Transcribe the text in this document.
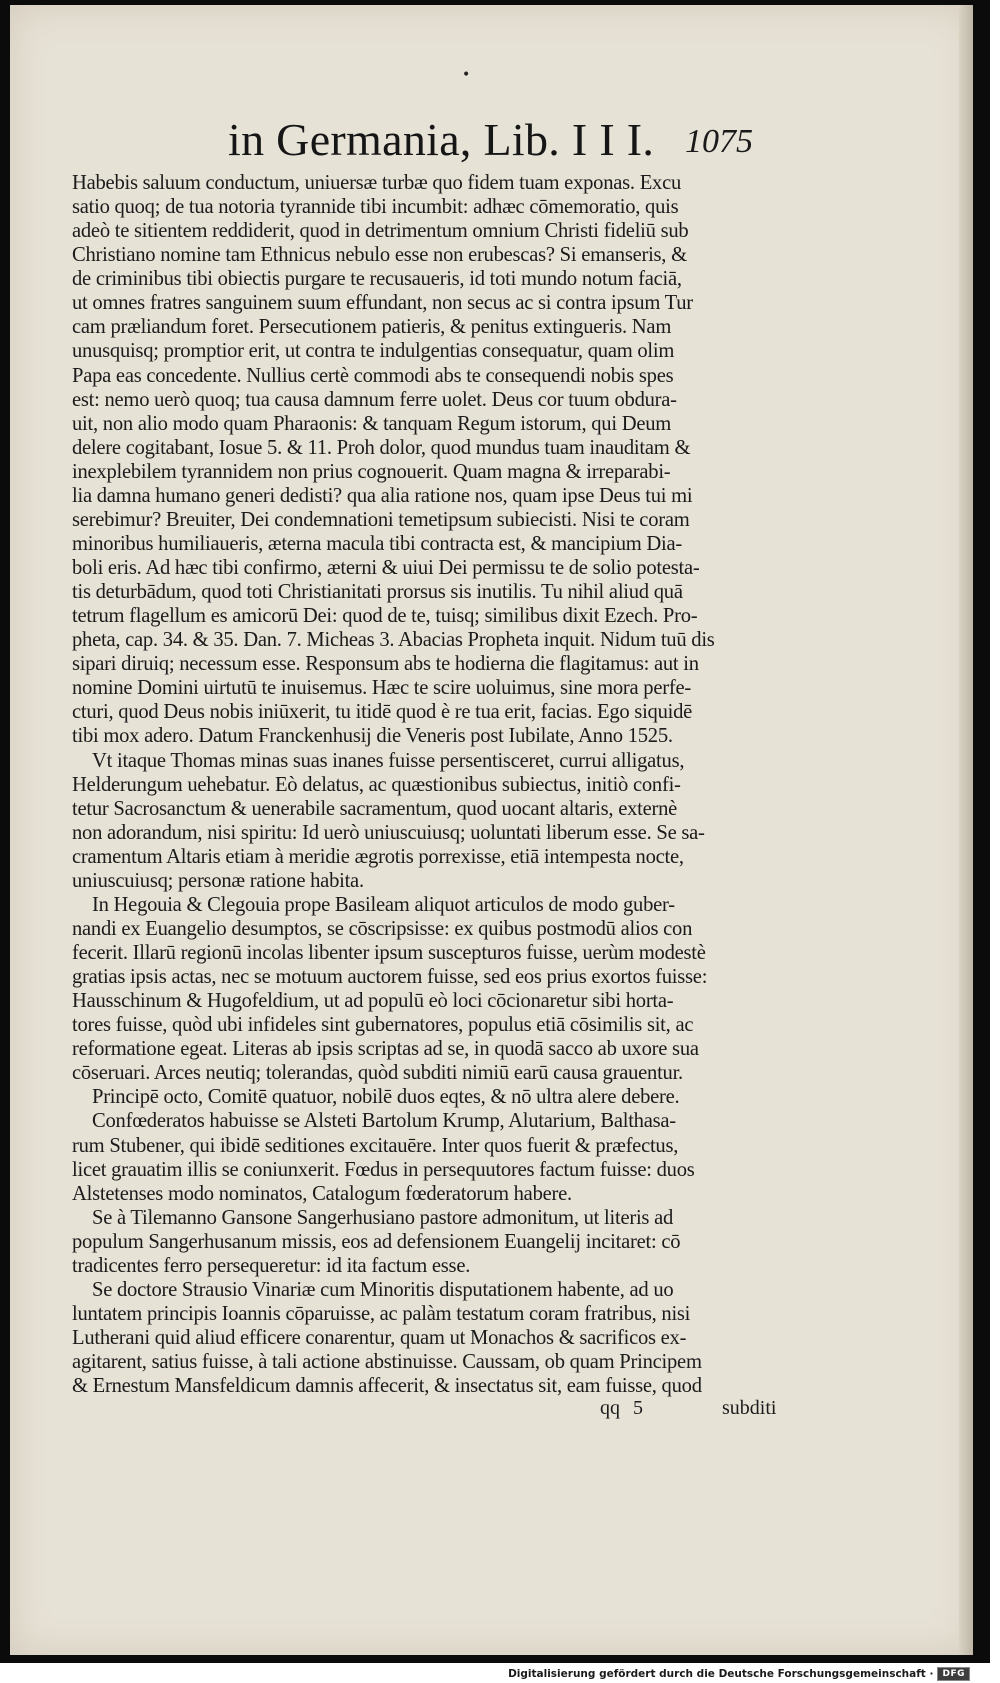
•
in Germania, Lib. I I I. 1075
Habebis saluum conductum, uniuersæ turbæ quo fidem tuam exponas. Excu
satio quoq; de tua notoria tyrannide tibi incumbit: adhæc cōmemoratio, quis
adeò te sitientem reddiderit, quod in detrimentum omnium Christi fideliū sub
Christiano nomine tam Ethnicus nebulo esse non erubescas? Si emanseris, &
de criminibus tibi obiectis purgare te recusaueris, id toti mundo notum faciā,
ut omnes fratres sanguinem suum effundant, non secus ac si contra ipsum Tur
cam præliandum foret. Persecutionem patieris, & penitus extingueris. Nam
unusquisq; promptior erit, ut contra te indulgentias consequatur, quam olim
Papa eas concedente. Nullius certè commodi abs te consequendi nobis spes
est: nemo uerò quoq; tua causa damnum ferre uolet. Deus cor tuum obdura-
uit, non alio modo quam Pharaonis: & tanquam Regum istorum, qui Deum
delere cogitabant, Iosue 5. & 11. Proh dolor, quod mundus tuam inauditam &
inexplebilem tyrannidem non prius cognouerit. Quam magna & irreparabi-
lia damna humano generi dedisti? qua alia ratione nos, quam ipse Deus tui mi
serebimur? Breuiter, Dei condemnationi temetipsum subiecisti. Nisi te coram
minoribus humiliaueris, æterna macula tibi contracta est, & mancipium Dia-
boli eris. Ad hæc tibi confirmo, æterni & uiui Dei permissu te de solio potesta-
tis deturbādum, quod toti Christianitati prorsus sis inutilis. Tu nihil aliud quā
tetrum flagellum es amicorū Dei: quod de te, tuisq; similibus dixit Ezech. Pro-
pheta, cap. 34. & 35. Dan. 7. Micheas 3. Abacias Propheta inquit. Nidum tuū dis
sipari diruiq; necessum esse. Responsum abs te hodierna die flagitamus: aut in
nomine Domini uirtutū te inuisemus. Hæc te scire uoluimus, sine mora perfe-
cturi, quod Deus nobis iniūxerit, tu itidē quod è re tua erit, facias. Ego siquidē
tibi mox adero. Datum Franckenhusij die Veneris post Iubilate, Anno 1525.
Vt itaque Thomas minas suas inanes fuisse persentisceret, currui alligatus,
Helderungum uehebatur. Eò delatus, ac quæstionibus subiectus, initiò confi-
tetur Sacrosanctum & uenerabile sacramentum, quod uocant altaris, externè
non adorandum, nisi spiritu: Id uerò uniuscuiusq; uoluntati liberum esse. Se sa-
cramentum Altaris etiam à meridie ægrotis porrexisse, etiā intempesta nocte,
uniuscuiusq; personæ ratione habita.
In Hegouia & Clegouia prope Basileam aliquot articulos de modo guber-
nandi ex Euangelio desumptos, se cōscripsisse: ex quibus postmodū alios con
fecerit. Illarū regionū incolas libenter ipsum suscepturos fuisse, uerùm modestè
gratias ipsis actas, nec se motuum auctorem fuisse, sed eos prius exortos fuisse:
Hausschinum & Hugofeldium, ut ad populū eò loci cōcionaretur sibi horta-
tores fuisse, quòd ubi infideles sint gubernatores, populus etiā cōsimilis sit, ac
reformatione egeat. Literas ab ipsis scriptas ad se, in quodā sacco ab uxore sua
cōseruari. Arces neutiq; tolerandas, quòd subditi nimiū earū causa grauentur.
Principē octo, Comitē quatuor, nobilē duos eqtes, & nō ultra alere debere.
Confœderatos habuisse se Alsteti Bartolum Krump, Alutarium, Balthasa-
rum Stubener, qui ibidē seditiones excitauēre. Inter quos fuerit & præfectus,
licet grauatim illis se coniunxerit. Fœdus in persequutores factum fuisse: duos
Alstetenses modo nominatos, Catalogum fœderatorum habere.
Se à Tilemanno Gansone Sangerhusiano pastore admonitum, ut literis ad
populum Sangerhusanum missis, eos ad defensionem Euangelij incitaret: cō
tradicentes ferro persequeretur: id ita factum esse.
Se doctore Strausio Vinariæ cum Minoritis disputationem habente, ad uo
luntatem principis Ioannis cōparuisse, ac palàm testatum coram fratribus, nisi
Lutherani quid aliud efficere conarentur, quam ut Monachos & sacrificos ex-
agitarent, satius fuisse, à tali actione abstinuisse. Caussam, ob quam Principem
& Ernestum Mansfeldicum damnis affecerit, & insectatus sit, eam fuisse, quod
qq 5	subditi
Digitalisierung gefördert durch die Deutsche Forschungsgemeinschaft ·	DFG
